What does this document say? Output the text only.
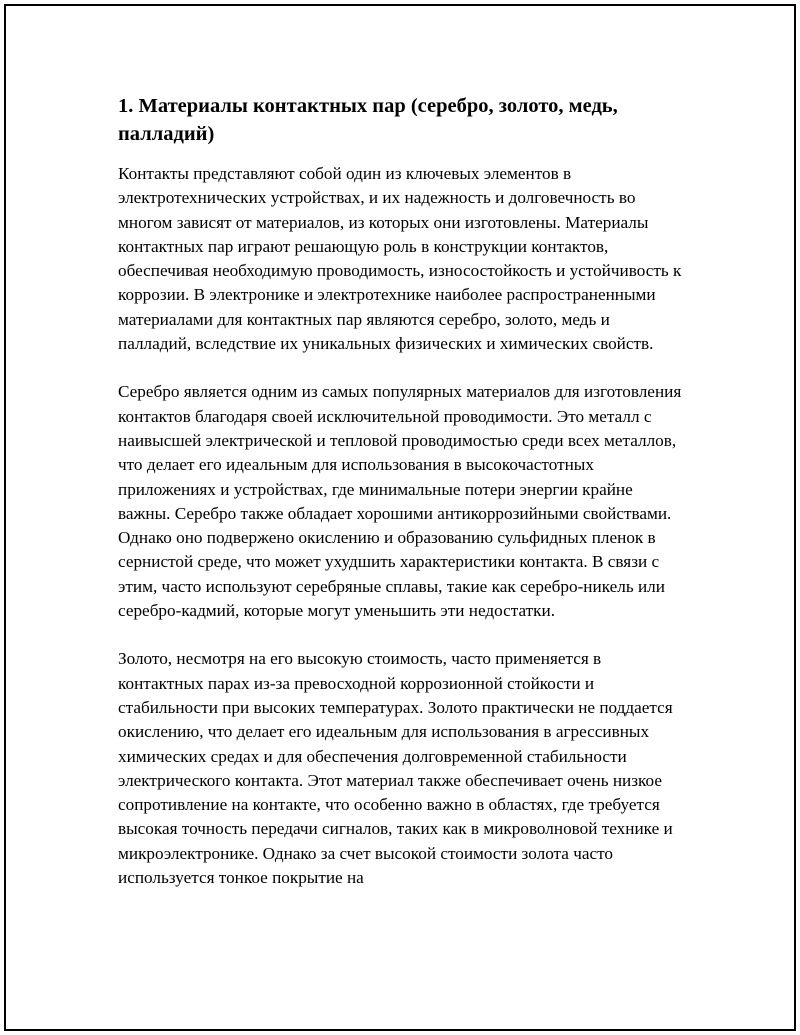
1. Материалы контактных пар (серебро, золото, медь, палладий)

Контакты представляют собой один из ключевых элементов в электротехнических устройствах, и их надежность и долговечность во многом зависят от материалов, из которых они изготовлены. Материалы контактных пар играют решающую роль в конструкции контактов, обеспечивая необходимую проводимость, износостойкость и устойчивость к коррозии. В электронике и электротехнике наиболее распространенными материалами для контактных пар являются серебро, золото, медь и палладий, вследствие их уникальных физических и химических свойств.

Серебро является одним из самых популярных материалов для изготовления контактов благодаря своей исключительной проводимости. Это металл с наивысшей электрической и тепловой проводимостью среди всех металлов, что делает его идеальным для использования в высокочастотных приложениях и устройствах, где минимальные потери энергии крайне важны. Серебро также обладает хорошими антикоррозийными свойствами. Однако оно подвержено окислению и образованию сульфидных пленок в сернистой среде, что может ухудшить характеристики контакта. В связи с этим, часто используют серебряные сплавы, такие как серебро-никель или серебро-кадмий, которые могут уменьшить эти недостатки.

Золото, несмотря на его высокую стоимость, часто применяется в контактных парах из-за превосходной коррозионной стойкости и стабильности при высоких температурах. Золото практически не поддается окислению, что делает его идеальным для использования в агрессивных химических средах и для обеспечения долговременной стабильности электрического контакта. Этот материал также обеспечивает очень низкое сопротивление на контакте, что особенно важно в областях, где требуется высокая точность передачи сигналов, таких как в микроволновой технике и микроэлектронике. Однако за счет высокой стоимости золота часто используется тонкое покрытие на
